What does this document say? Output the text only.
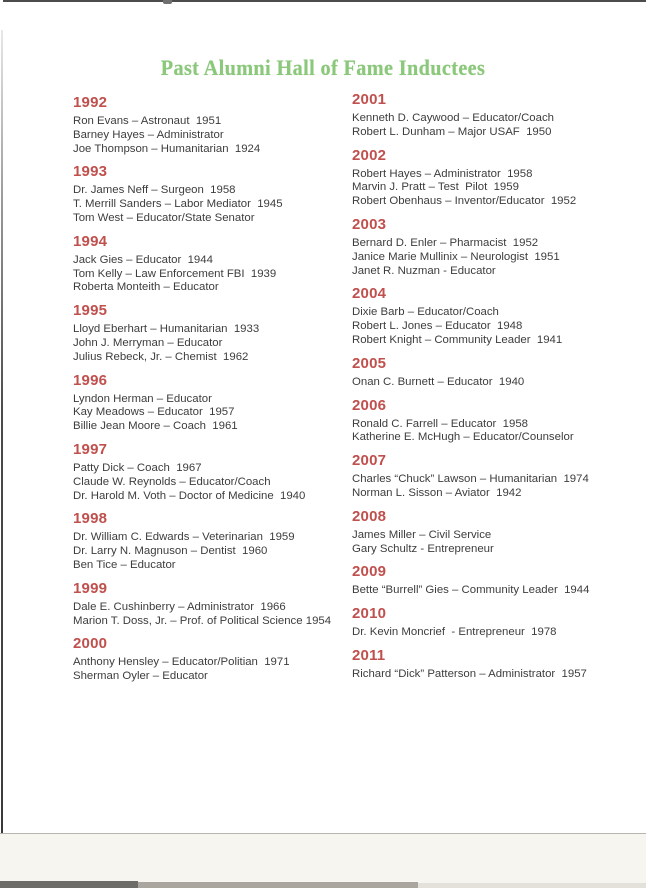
Past Alumni Hall of Fame Inductees
1992
Ron Evans – Astronaut  1951
Barney Hayes – Administrator
Joe Thompson – Humanitarian  1924
1993
Dr. James Neff – Surgeon  1958
T. Merrill Sanders – Labor Mediator  1945
Tom West – Educator/State Senator
1994
Jack Gies – Educator  1944
Tom Kelly – Law Enforcement FBI  1939
Roberta Monteith – Educator
1995
Lloyd Eberhart – Humanitarian  1933
John J. Merryman – Educator
Julius Rebeck, Jr. – Chemist  1962
1996
Lyndon Herman – Educator
Kay Meadows – Educator  1957
Billie Jean Moore – Coach  1961
1997
Patty Dick – Coach  1967
Claude W. Reynolds – Educator/Coach
Dr. Harold M. Voth – Doctor of Medicine  1940
1998
Dr. William C. Edwards – Veterinarian  1959
Dr. Larry N. Magnuson – Dentist  1960
Ben Tice – Educator
1999
Dale E. Cushinberry – Administrator  1966
Marion T. Doss, Jr. – Prof. of Political Science 1954
2000
Anthony Hensley – Educator/Politian  1971
Sherman Oyler – Educator
2001
Kenneth D. Caywood – Educator/Coach
Robert L. Dunham – Major USAF  1950
2002
Robert Hayes – Administrator  1958
Marvin J. Pratt – Test  Pilot  1959
Robert Obenhaus – Inventor/Educator  1952
2003
Bernard D. Enler – Pharmacist  1952
Janice Marie Mullinix – Neurologist  1951
Janet R. Nuzman - Educator
2004
Dixie Barb – Educator/Coach
Robert L. Jones – Educator  1948
Robert Knight – Community Leader  1941
2005
Onan C. Burnett – Educator  1940
2006
Ronald C. Farrell – Educator  1958
Katherine E. McHugh – Educator/Counselor
2007
Charles “Chuck” Lawson – Humanitarian  1974
Norman L. Sisson – Aviator  1942
2008
James Miller – Civil Service
Gary Schultz - Entrepreneur
2009
Bette “Burrell” Gies – Community Leader  1944
2010
Dr. Kevin Moncrief  - Entrepreneur  1978
2011
Richard “Dick” Patterson – Administrator  1957
